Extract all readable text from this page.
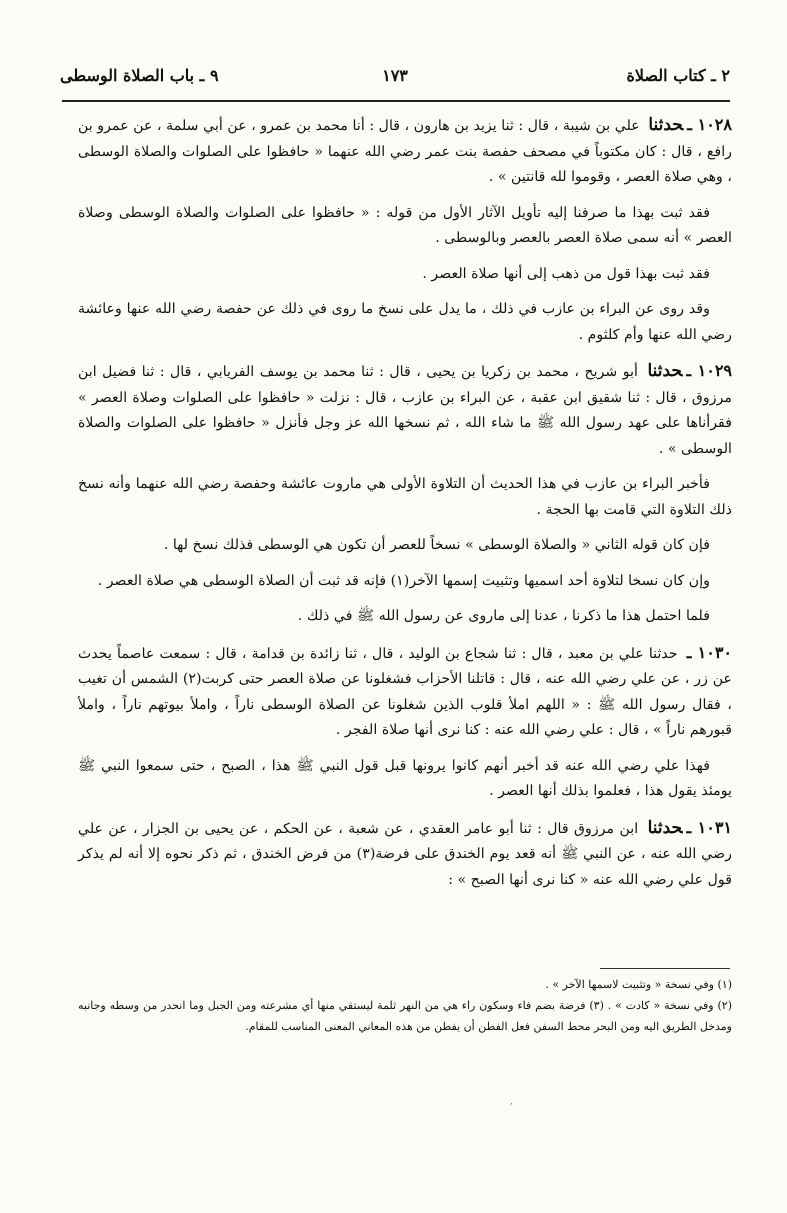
٢ ـ كتاب الصلاة
١٧٣
٩ ـ باب الصلاة الوسطى

١٠٢٨ ـحدثنا علي بن شيبة ، قال : ثنا يزيد بن هارون ، قال : أنا محمد بن عمرو ، عن أبي سلمة ، عن عمرو بن رافع ، قال : كان مكتوباً في مصحف حفصة بنت عمر رضي الله عنهما « حافظوا على الصلوات والصلاة الوسطى ، وهي صلاة العصر ، وقوموا لله قانتين » .

فقد ثبت بهذا ما صرفنا إليه تأويل الآثار الأول من قوله : « حافظوا على الصلوات والصلاة الوسطى وصلاة العصر » أنه سمى صلاة العصر بالعصر وبالوسطى .

فقد ثبت بهذا قول من ذهب إلى أنها صلاة العصر .

وقد روى عن البراء بن عازب في ذلك ، ما يدل على نسخ ما روى في ذلك عن حفصة رضي الله عنها وعائشة رضي الله عنها وأم كلثوم .

١٠٢٩ ـحدثنا أبو شريح ، محمد بن زكريا بن يحيى ، قال : ثنا محمد بن يوسف الفريابي ، قال : ثنا فضيل ابن مرزوق ، قال : ثنا شقيق ابن عقبة ، عن البراء بن عازب ، قال : نزلت « حافظوا على الصلوات وصلاة العصر » فقرأناها على عهد رسول الله ﷺ ما شاء الله ، ثم نسخها الله عز وجل فأنزل « حافظوا على الصلوات والصلاة الوسطى » .

فأخبر البراء بن عازب في هذا الحديث أن التلاوة الأولى هي ماروت عائشة وحفصة رضي الله عنهما وأنه نسخ ذلك التلاوة التي قامت بها الحجة .

فإن كان قوله الثاني « والصلاة الوسطى » نسخاً للعصر أن تكون هي الوسطى فذلك نسخ لها .

وإن كان نسخا لتلاوة أحد اسميها وتثبيت إسمها الآخر(١) فإنه قد ثبت أن الصلاة الوسطى هي صلاة العصر .

فلما احتمل هذا ما ذكرنا ، عدنا إلى ماروى عن رسول الله ﷺ في ذلك .

١٠٣٠ ـ حدثنا علي بن معبد ، قال : ثنا شجاع بن الوليد ، قال ، ثنا زائدة بن قدامة ، قال : سمعت عاصماً يحدث عن زر ، عن علي رضي الله عنه ، قال : قاتلنا الأحزاب فشغلونا عن صلاة العصر حتى كربت(٢) الشمس أن تغيب ، فقال رسول الله ﷺ : « اللهم املأ قلوب الذين شغلونا عن الصلاة الوسطى ناراً ، واملأ بيوتهم ناراً ، واملأ قبورهم ناراً » ، قال : علي رضي الله عنه : كنا نرى أنها صلاة الفجر .

فهذا علي رضي الله عنه قد أخبر أنهم كانوا يرونها قبل قول النبي ﷺ هذا ، الصبح ، حتى سمعوا النبي ﷺ يومئذ يقول هذا ، فعلموا بذلك أنها العصر .

١٠٣١ ـحدثنا ابن مرزوق قال : ثنا أبو عامر العقدي ، عن شعبة ، عن الحكم ، عن يحيى بن الجزار ، عن علي رضي الله عنه ، عن النبي ﷺ أنه قعد يوم الخندق على فرضة(٣) من فرض الخندق ، ثم ذكر نحوه إلا أنه لم يذكر قول علي رضي الله عنه « كنا نرى أنها الصبح » :

(١) وفي نسخة « وتثبيت لاسمها الآخر » .

(٢) وفي نسخة « كادت » . (٣) فرضة بضم فاء وسكون راء هي من النهر ثلمة ليستقي منها أي مشرعته ومن الجبل وما انحدر من وسطه وجانبه ومدخل الطريق اليه ومن البحر محط السفن فعل الفطن أن يفطن من هذه المعاني المعنى المناسب للمقام.

′
